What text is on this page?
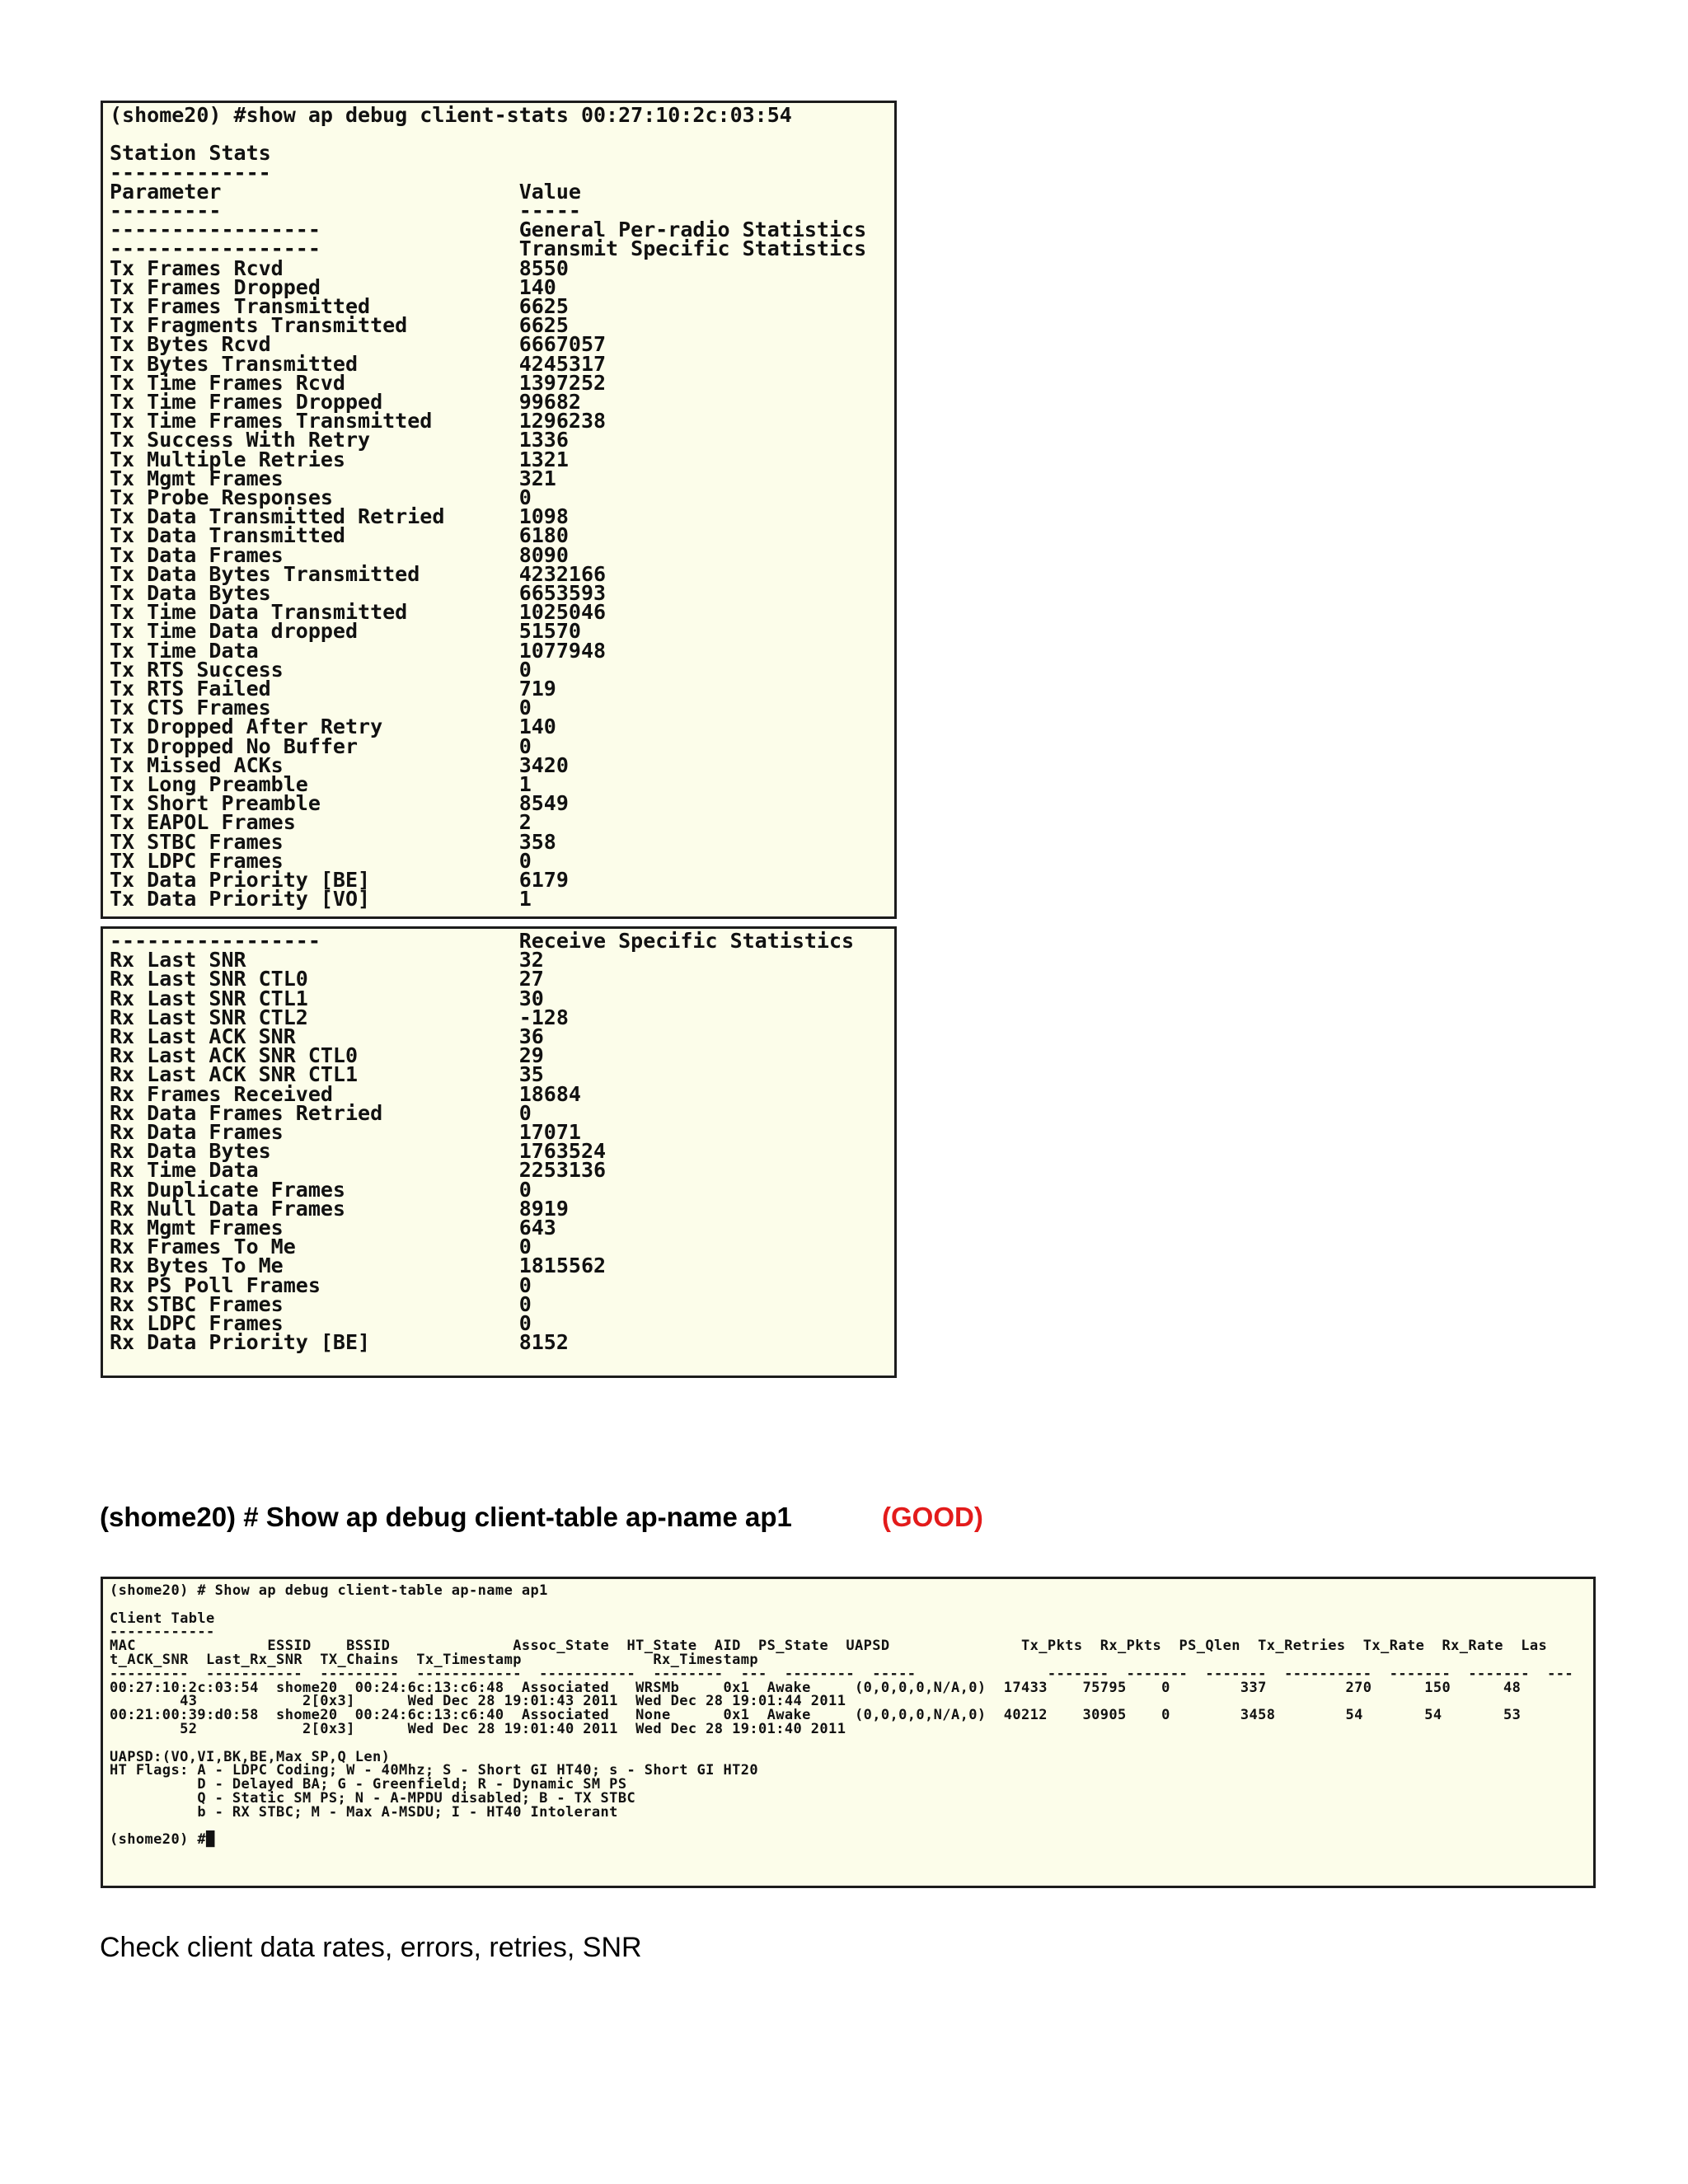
(shome20) #show ap debug client-stats 00:27:10:2c:03:54
Station Stats
-------------
Parameter                        Value
---------                        -----
-----------------                General Per-radio Statistics
-----------------                Transmit Specific Statistics
Tx Frames Rcvd                   8550
Tx Frames Dropped                140
Tx Frames Transmitted            6625
Tx Fragments Transmitted         6625
Tx Bytes Rcvd                    6667057
Tx Bytes Transmitted             4245317
Tx Time Frames Rcvd              1397252
Tx Time Frames Dropped           99682
Tx Time Frames Transmitted       1296238
Tx Success With Retry            1336
Tx Multiple Retries              1321
Tx Mgmt Frames                   321
Tx Probe Responses               0
Tx Data Transmitted Retried      1098
Tx Data Transmitted              6180
Tx Data Frames                   8090
Tx Data Bytes Transmitted        4232166
Tx Data Bytes                    6653593
Tx Time Data Transmitted         1025046
Tx Time Data dropped             51570
Tx Time Data                     1077948
Tx RTS Success                   0
Tx RTS Failed                    719
Tx CTS Frames                    0
Tx Dropped After Retry           140
Tx Dropped No Buffer             0
Tx Missed ACKs                   3420
Tx Long Preamble                 1
Tx Short Preamble                8549
Tx EAPOL Frames                  2
TX STBC Frames                   358
TX LDPC Frames                   0
Tx Data Priority [BE]            6179
Tx Data Priority [VO]            1
-----------------                Receive Specific Statistics
Rx Last SNR                      32
Rx Last SNR CTL0                 27
Rx Last SNR CTL1                 30
Rx Last SNR CTL2                 -128
Rx Last ACK SNR                  36
Rx Last ACK SNR CTL0             29
Rx Last ACK SNR CTL1             35
Rx Frames Received               18684
Rx Data Frames Retried           0
Rx Data Frames                   17071
Rx Data Bytes                    1763524
Rx Time Data                     2253136
Rx Duplicate Frames              0
Rx Null Data Frames              8919
Rx Mgmt Frames                   643
Rx Frames To Me                  0
Rx Bytes To Me                   1815562
Rx PS Poll Frames                0
Rx STBC Frames                   0
Rx LDPC Frames                   0
Rx Data Priority [BE]            8152
(shome20) # Show ap debug client-table ap-name ap1	(GOOD)
(shome20) # Show ap debug client-table ap-name ap1
Client Table
------------
MAC               ESSID    BSSID              Assoc_State  HT_State  AID  PS_State  UAPSD               Tx_Pkts  Rx_Pkts  PS_Qlen  Tx_Retries  Tx_Rate  Rx_Rate  Las
t_ACK_SNR  Last_Rx_SNR  TX_Chains  Tx_Timestamp               Rx_Timestamp
---------  -----------  ---------  ------------  -----------  --------  ---  --------  -----               -------  -------  -------  ----------  -------  -------  ---
00:27:10:2c:03:54  shome20  00:24:6c:13:c6:48  Associated   WRSMb     0x1  Awake     (0,0,0,0,N/A,0)  17433    75795    0        337         270      150      48
43            2[0x3]      Wed Dec 28 19:01:43 2011  Wed Dec 28 19:01:44 2011
00:21:00:39:d0:58  shome20  00:24:6c:13:c6:40  Associated   None      0x1  Awake     (0,0,0,0,N/A,0)  40212    30905    0        3458        54       54       53
52            2[0x3]      Wed Dec 28 19:01:40 2011  Wed Dec 28 19:01:40 2011
UAPSD:(VO,VI,BK,BE,Max SP,Q Len)
HT Flags: A - LDPC Coding; W - 40Mhz; S - Short GI HT40; s - Short GI HT20
D - Delayed BA; G - Greenfield; R - Dynamic SM PS
Q - Static SM PS; N - A-MPDU disabled; B - TX STBC
b - RX STBC; M - Max A-MSDU; I - HT40 Intolerant
(shome20) #█
Check client data rates, errors, retries, SNR
